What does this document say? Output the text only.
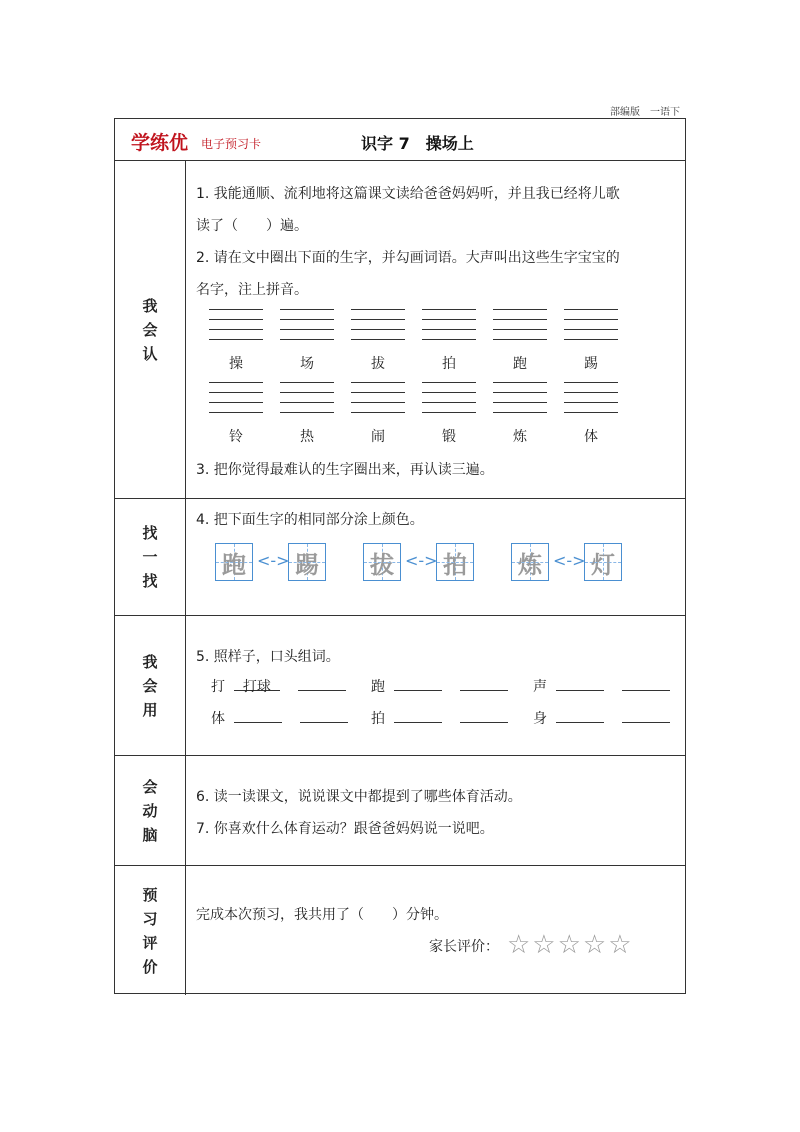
部编版　一语下
学练优 电子预习卡	识字 7　操场上
我
会
认
1. 我能通顺、流利地将这篇课文读给爸爸妈妈听，并且我已经将儿歌
读了（　　）遍。
2. 请在文中圈出下面的生字，并勾画词语。大声叫出这些生字宝宝的
名字，注上拼音。
操	场	拔	拍	跑	踢
铃	热	闹	锻	炼	体
3. 把你觉得最难认的生字圈出来，再认读三遍。
找
一
找
4. 把下面生字的相同部分涂上颜色。
跑 <-> 踢 拔 <-> 拍 炼 <-> 灯
我
会
用
5. 照样子，口头组词。
打 打球	跑	声
体	拍	身
会
动
脑
6. 读一读课文，说说课文中都提到了哪些体育活动。
7. 你喜欢什么体育运动？跟爸爸妈妈说一说吧。
预
习
评
价
完成本次预习，我共用了（　　）分钟。
家长评价： ☆☆☆☆☆
